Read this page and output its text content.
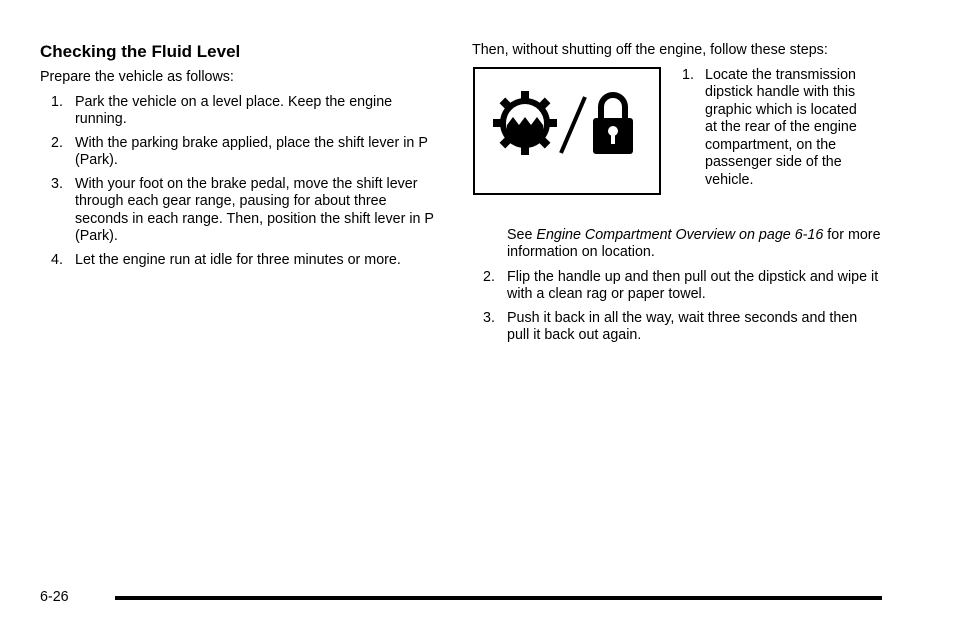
Checking the Fluid Level

Prepare the vehicle as follows:

1. Park the vehicle on a level place. Keep the engine running.
2. With the parking brake applied, place the shift lever in P (Park).
3. With your foot on the brake pedal, move the shift lever through each gear range, pausing for about three seconds in each range. Then, position the shift lever in P (Park).
4. Let the engine run at idle for three minutes or more.

Then, without shutting off the engine, follow these steps:

1. Locate the transmission dipstick handle with this graphic which is located at the rear of the engine compartment, on the passenger side of the vehicle.

See Engine Compartment Overview on page 6‑16 for more information on location.

2. Flip the handle up and then pull out the dipstick and wipe it with a clean rag or paper towel.
3. Push it back in all the way, wait three seconds and then pull it back out again.
6-26
